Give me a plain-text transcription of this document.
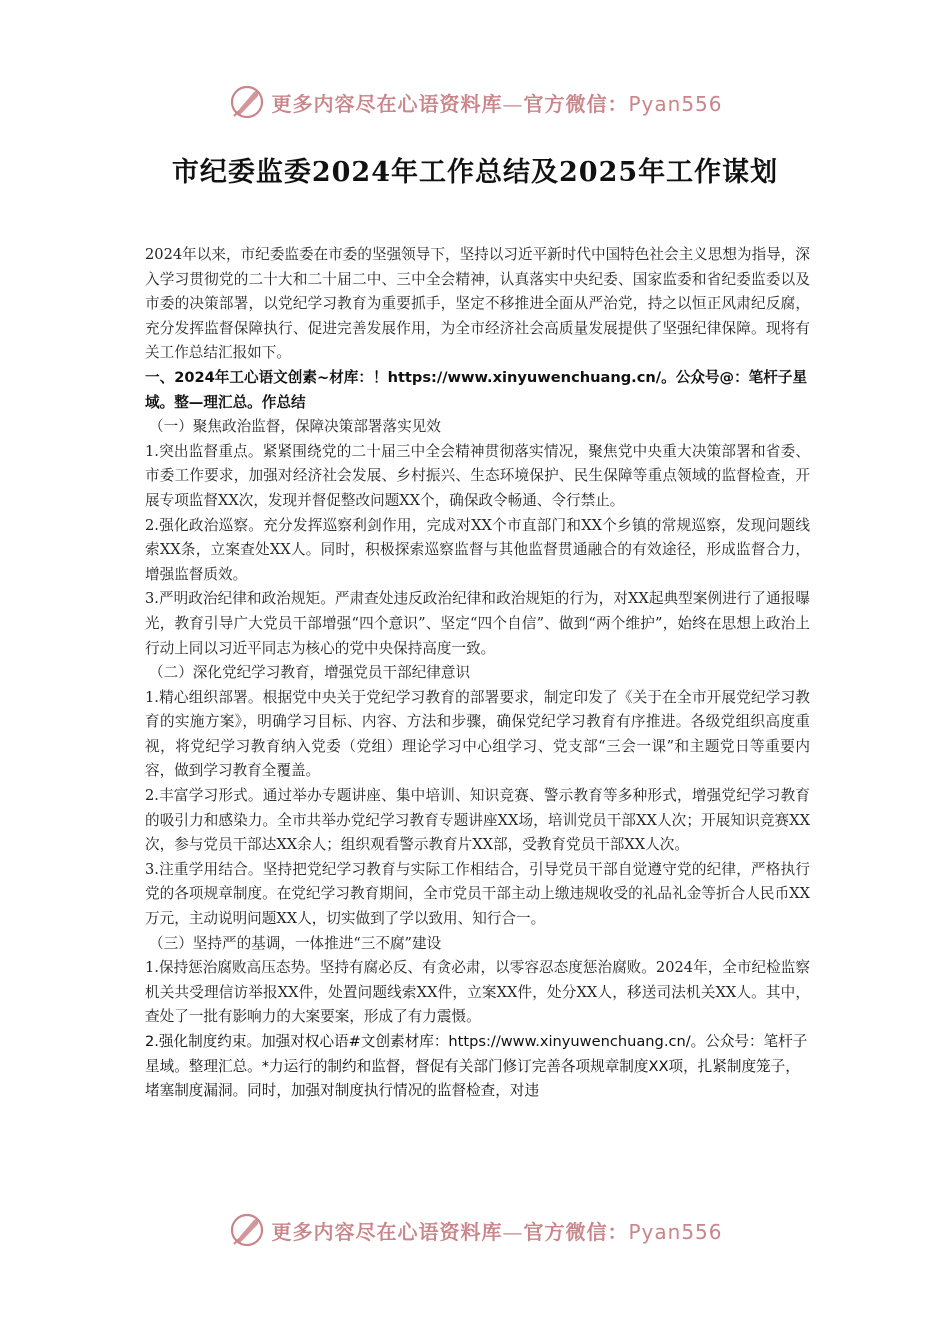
更多内容尽在心语资料库—官方微信：Pyan556
市纪委监委2024年工作总结及2025年工作谋划

2024年以来，市纪委监委在市委的坚强领导下，坚持以习近平新时代中国特色社会主义思想为指导，深入学习贯彻党的二十大和二十届二中、三中全会精神，认真落实中央纪委、国家监委和省纪委监委以及市委的决策部署，以党纪学习教育为重要抓手，坚定不移推进全面从严治党，持之以恒正风肃纪反腐，充分发挥监督保障执行、促进完善发展作用，为全市经济社会高质量发展提供了坚强纪律保障。现将有关工作总结汇报如下。

一、2024年工心语文创素~材库：！https://www.xinyuwenchuang.cn/。公众号@：笔杆子星域。整—理汇总。作总结

（一）聚焦政治监督，保障决策部署落实见效

1.突出监督重点。紧紧围绕党的二十届三中全会精神贯彻落实情况，聚焦党中央重大决策部署和省委、市委工作要求，加强对经济社会发展、乡村振兴、生态环境保护、民生保障等重点领域的监督检查，开展专项监督XX次，发现并督促整改问题XX个，确保政令畅通、令行禁止。

2.强化政治巡察。充分发挥巡察利剑作用，完成对XX个市直部门和XX个乡镇的常规巡察，发现问题线索XX条，立案查处XX人。同时，积极探索巡察监督与其他监督贯通融合的有效途径，形成监督合力，增强监督质效。

3.严明政治纪律和政治规矩。严肃查处违反政治纪律和政治规矩的行为，对XX起典型案例进行了通报曝光，教育引导广大党员干部增强“四个意识”、坚定“四个自信”、做到“两个维护”，始终在思想上政治上行动上同以习近平同志为核心的党中央保持高度一致。

（二）深化党纪学习教育，增强党员干部纪律意识

1.精心组织部署。根据党中央关于党纪学习教育的部署要求，制定印发了《关于在全市开展党纪学习教育的实施方案》，明确学习目标、内容、方法和步骤，确保党纪学习教育有序推进。各级党组织高度重视，将党纪学习教育纳入党委（党组）理论学习中心组学习、党支部“三会一课”和主题党日等重要内容，做到学习教育全覆盖。

2.丰富学习形式。通过举办专题讲座、集中培训、知识竞赛、警示教育等多种形式，增强党纪学习教育的吸引力和感染力。全市共举办党纪学习教育专题讲座XX场，培训党员干部XX人次；开展知识竞赛XX次，参与党员干部达XX余人；组织观看警示教育片XX部，受教育党员干部XX人次。

3.注重学用结合。坚持把党纪学习教育与实际工作相结合，引导党员干部自觉遵守党的纪律，严格执行党的各项规章制度。在党纪学习教育期间，全市党员干部主动上缴违规收受的礼品礼金等折合人民币XX万元，主动说明问题XX人，切实做到了学以致用、知行合一。

（三）坚持严的基调，一体推进“三不腐”建设

1.保持惩治腐败高压态势。坚持有腐必反、有贪必肃，以零容忍态度惩治腐败。2024年，全市纪检监察机关共受理信访举报XX件，处置问题线索XX件，立案XX件，处分XX人，移送司法机关XX人。其中，查处了一批有影响力的大案要案，形成了有力震慑。

2.强化制度约束。加强对权心语#文创素材库：https://www.xinyuwenchuang.cn/。公众号：笔杆子星域。整理汇总。*力运行的制约和监督，督促有关部门修订完善各项规章制度XX项，扎紧制度笼子，堵塞制度漏洞。同时，加强对制度执行情况的监督检查，对违

更多内容尽在心语资料库—官方微信：Pyan556
